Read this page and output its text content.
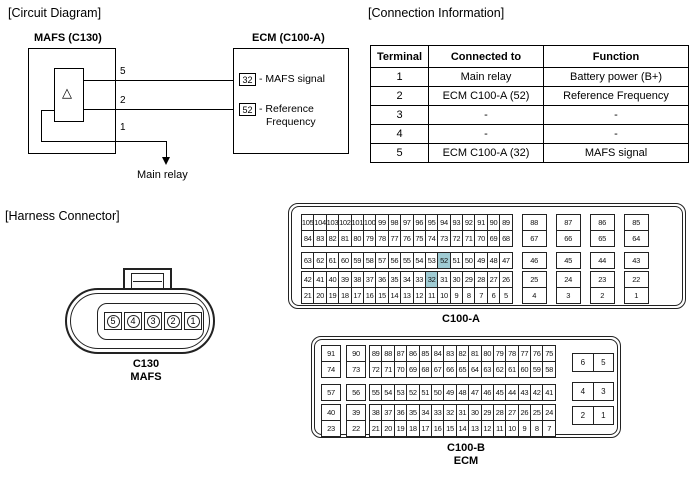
[Circuit Diagram]	[Connection Information]
[Harness Connector]
MAFS (C130)	ECM (C100-A)
△
5
2
1
Main relay
32 - MAFS signal
52 - Reference
Frequency
Terminal	Connected to	Function
1	Main relay	Battery power (B+)
2	ECM C100-A (52)	Reference Frequency
3	-	-
4	-	-
5	ECM C100-A (32)	MAFS signal
5	4	3	2	1
C130
MAFS
105 104 103 102 101 100 99 98 97 96 95 94 93 92 91 90 89	88	87	86	85
84 83 82 81 80 79 78 77 76 75 74 73 72 71 70 69 68	67	66	65	64
63 62 61 60 59 58 57 56 55 54 53 52 51 50 49 48 47	46	45	44	43
42 41 40 39 38 37 36 35 34 33 32 31 30 29 28 27 26	25	24	23	22
21 20 19 18 17 16 15 14 13 12 11 10 9	8	7	6	5	4	3	2	1
C100-A
91	90	89 88 87 86 85 84 83 82 81 80 79 78 77 76 75
74	73	72 71 70 69 68 67 66 65 64 63 62 61 60 59 58
57	56	55 54 53 52 51 50 49 48 47 46 45 44 43 42 41
40	39	38 37 36 35 34 33 32 31 30 29 28 27 26 25 24
23	22	21 20 19 18 17 16 15 14 13 12 11 10 9	8	7
6	5
4	3
2	1
C100-B
ECM
